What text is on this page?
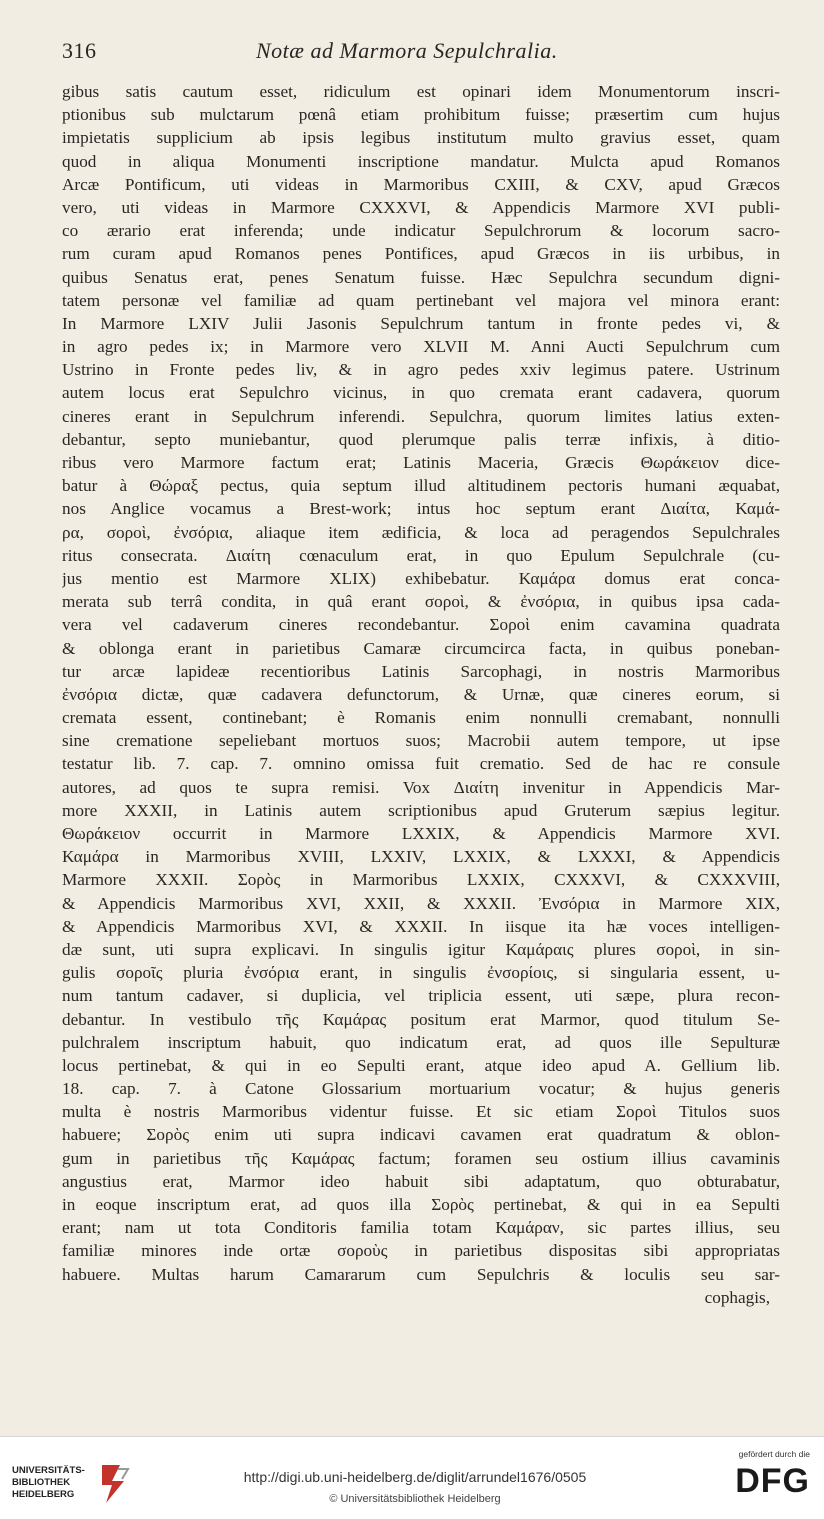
316	Notæ ad Marmora Sepulchralia.
gibus satis cautum esset, ridiculum est opinari idem Monumentorum inscri-
ptionibus sub mulctarum pœnâ etiam prohibitum fuisse; præsertim cum hujus
impietatis supplicium ab ipsis legibus institutum multo gravius esset, quam
quod in aliqua Monumenti inscriptione mandatur. Mulcta apud Romanos
Arcæ Pontificum, uti videas in Marmoribus CXIII, & CXV, apud Græcos
vero, uti videas in Marmore CXXXVI, & Appendicis Marmore XVI publi-
co ærario erat inferenda; unde indicatur Sepulchrorum & locorum sacro-
rum curam apud Romanos penes Pontifices, apud Græcos in iis urbibus, in
quibus Senatus erat, penes Senatum fuisse. Hæc Sepulchra secundum digni-
tatem personæ vel familiæ ad quam pertinebant vel majora vel minora erant:
In Marmore LXIV Julii Jasonis Sepulchrum tantum in fronte pedes vi, &
in agro pedes ix; in Marmore vero XLVII M. Anni Aucti Sepulchrum cum
Ustrino in Fronte pedes liv, & in agro pedes xxiv legimus patere. Ustrinum
autem locus erat Sepulchro vicinus, in quo cremata erant cadavera, quorum
cineres erant in Sepulchrum inferendi. Sepulchra, quorum limites latius exten-
debantur, septo muniebantur, quod plerumque palis terræ infixis, à ditio-
ribus vero Marmore factum erat; Latinis Maceria, Græcis Θωράκειον dice-
batur à Θώραξ pectus, quia septum illud altitudinem pectoris humani æquabat,
nos Anglice vocamus a Brest-work; intus hoc septum erant Διαίτα, Καμά-
ρα, σοροὶ, ἐνσόρια, aliaque item ædificia, & loca ad peragendos Sepulchrales
ritus consecrata. Διαίτη cœnaculum erat, in quo Epulum Sepulchrale (cu-
jus mentio est Marmore XLIX) exhibebatur. Καμάρα domus erat conca-
merata sub terrâ condita, in quâ erant σοροὶ, & ἐνσόρια, in quibus ipsa cada-
vera vel cadaverum cineres recondebantur. Σοροὶ enim cavamina quadrata
& oblonga erant in parietibus Camaræ circumcirca facta, in quibus poneban-
tur arcæ lapideæ recentioribus Latinis Sarcophagi, in nostris Marmoribus
ἐνσόρια dictæ, quæ cadavera defunctorum, & Urnæ, quæ cineres eorum, si
cremata essent, continebant; è Romanis enim nonnulli cremabant, nonnulli
sine crematione sepeliebant mortuos suos; Macrobii autem tempore, ut ipse
testatur lib. 7. cap. 7. omnino omissa fuit crematio. Sed de hac re consule
autores, ad quos te supra remisi. Vox Διαίτη invenitur in Appendicis Mar-
more XXXII, in Latinis autem scriptionibus apud Gruterum sæpius legitur.
Θωράκειον occurrit in Marmore LXXIX, & Appendicis Marmore XVI.
Καμάρα in Marmoribus XVIII, LXXIV, LXXIX, & LXXXI, & Appendicis
Marmore XXXII. Σορὸς in Marmoribus LXXIX, CXXXVI, & CXXXVIII,
& Appendicis Marmoribus XVI, XXII, & XXXII. Ἐνσόρια in Marmore XIX,
& Appendicis Marmoribus XVI, & XXXII. In iisque ita hæ voces intelligen-
dæ sunt, uti supra explicavi. In singulis igitur Καμάραις plures σοροὶ, in sin-
gulis σοροῖς pluria ἐνσόρια erant, in singulis ἐνσορίοις, si singularia essent, u-
num tantum cadaver, si duplicia, vel triplicia essent, uti sæpe, plura recon-
debantur. In vestibulo τῆς Καμάρας positum erat Marmor, quod titulum Se-
pulchralem inscriptum habuit, quo indicatum erat, ad quos ille Sepulturæ
locus pertinebat, & qui in eo Sepulti erant, atque ideo apud A. Gellium lib.
18. cap. 7. à Catone Glossarium mortuarium vocatur; & hujus generis
multa è nostris Marmoribus videntur fuisse. Et sic etiam Σοροὶ Titulos suos
habuere; Σορὸς enim uti supra indicavi cavamen erat quadratum & oblon-
gum in parietibus τῆς Καμάρας factum; foramen seu ostium illius cavaminis
angustius erat, Marmor ideo habuit sibi adaptatum, quo obturabatur,
in eoque inscriptum erat, ad quos illa Σορὸς pertinebat, & qui in ea Sepulti
erant; nam ut tota Conditoris familia totam Καμάραν, sic partes illius, seu
familiæ minores inde ortæ σοροὺς in parietibus dispositas sibi appropriatas
habuere. Multas harum Camararum cum Sepulchris & loculis seu sar-
cophagis,
UNIVERSITÄTS- BIBLIOTHEK HEIDELBERG
http://digi.ub.uni-heidelberg.de/diglit/arrundel1676/0505
© Universitätsbibliothek Heidelberg
gefördert durch die
DFG
